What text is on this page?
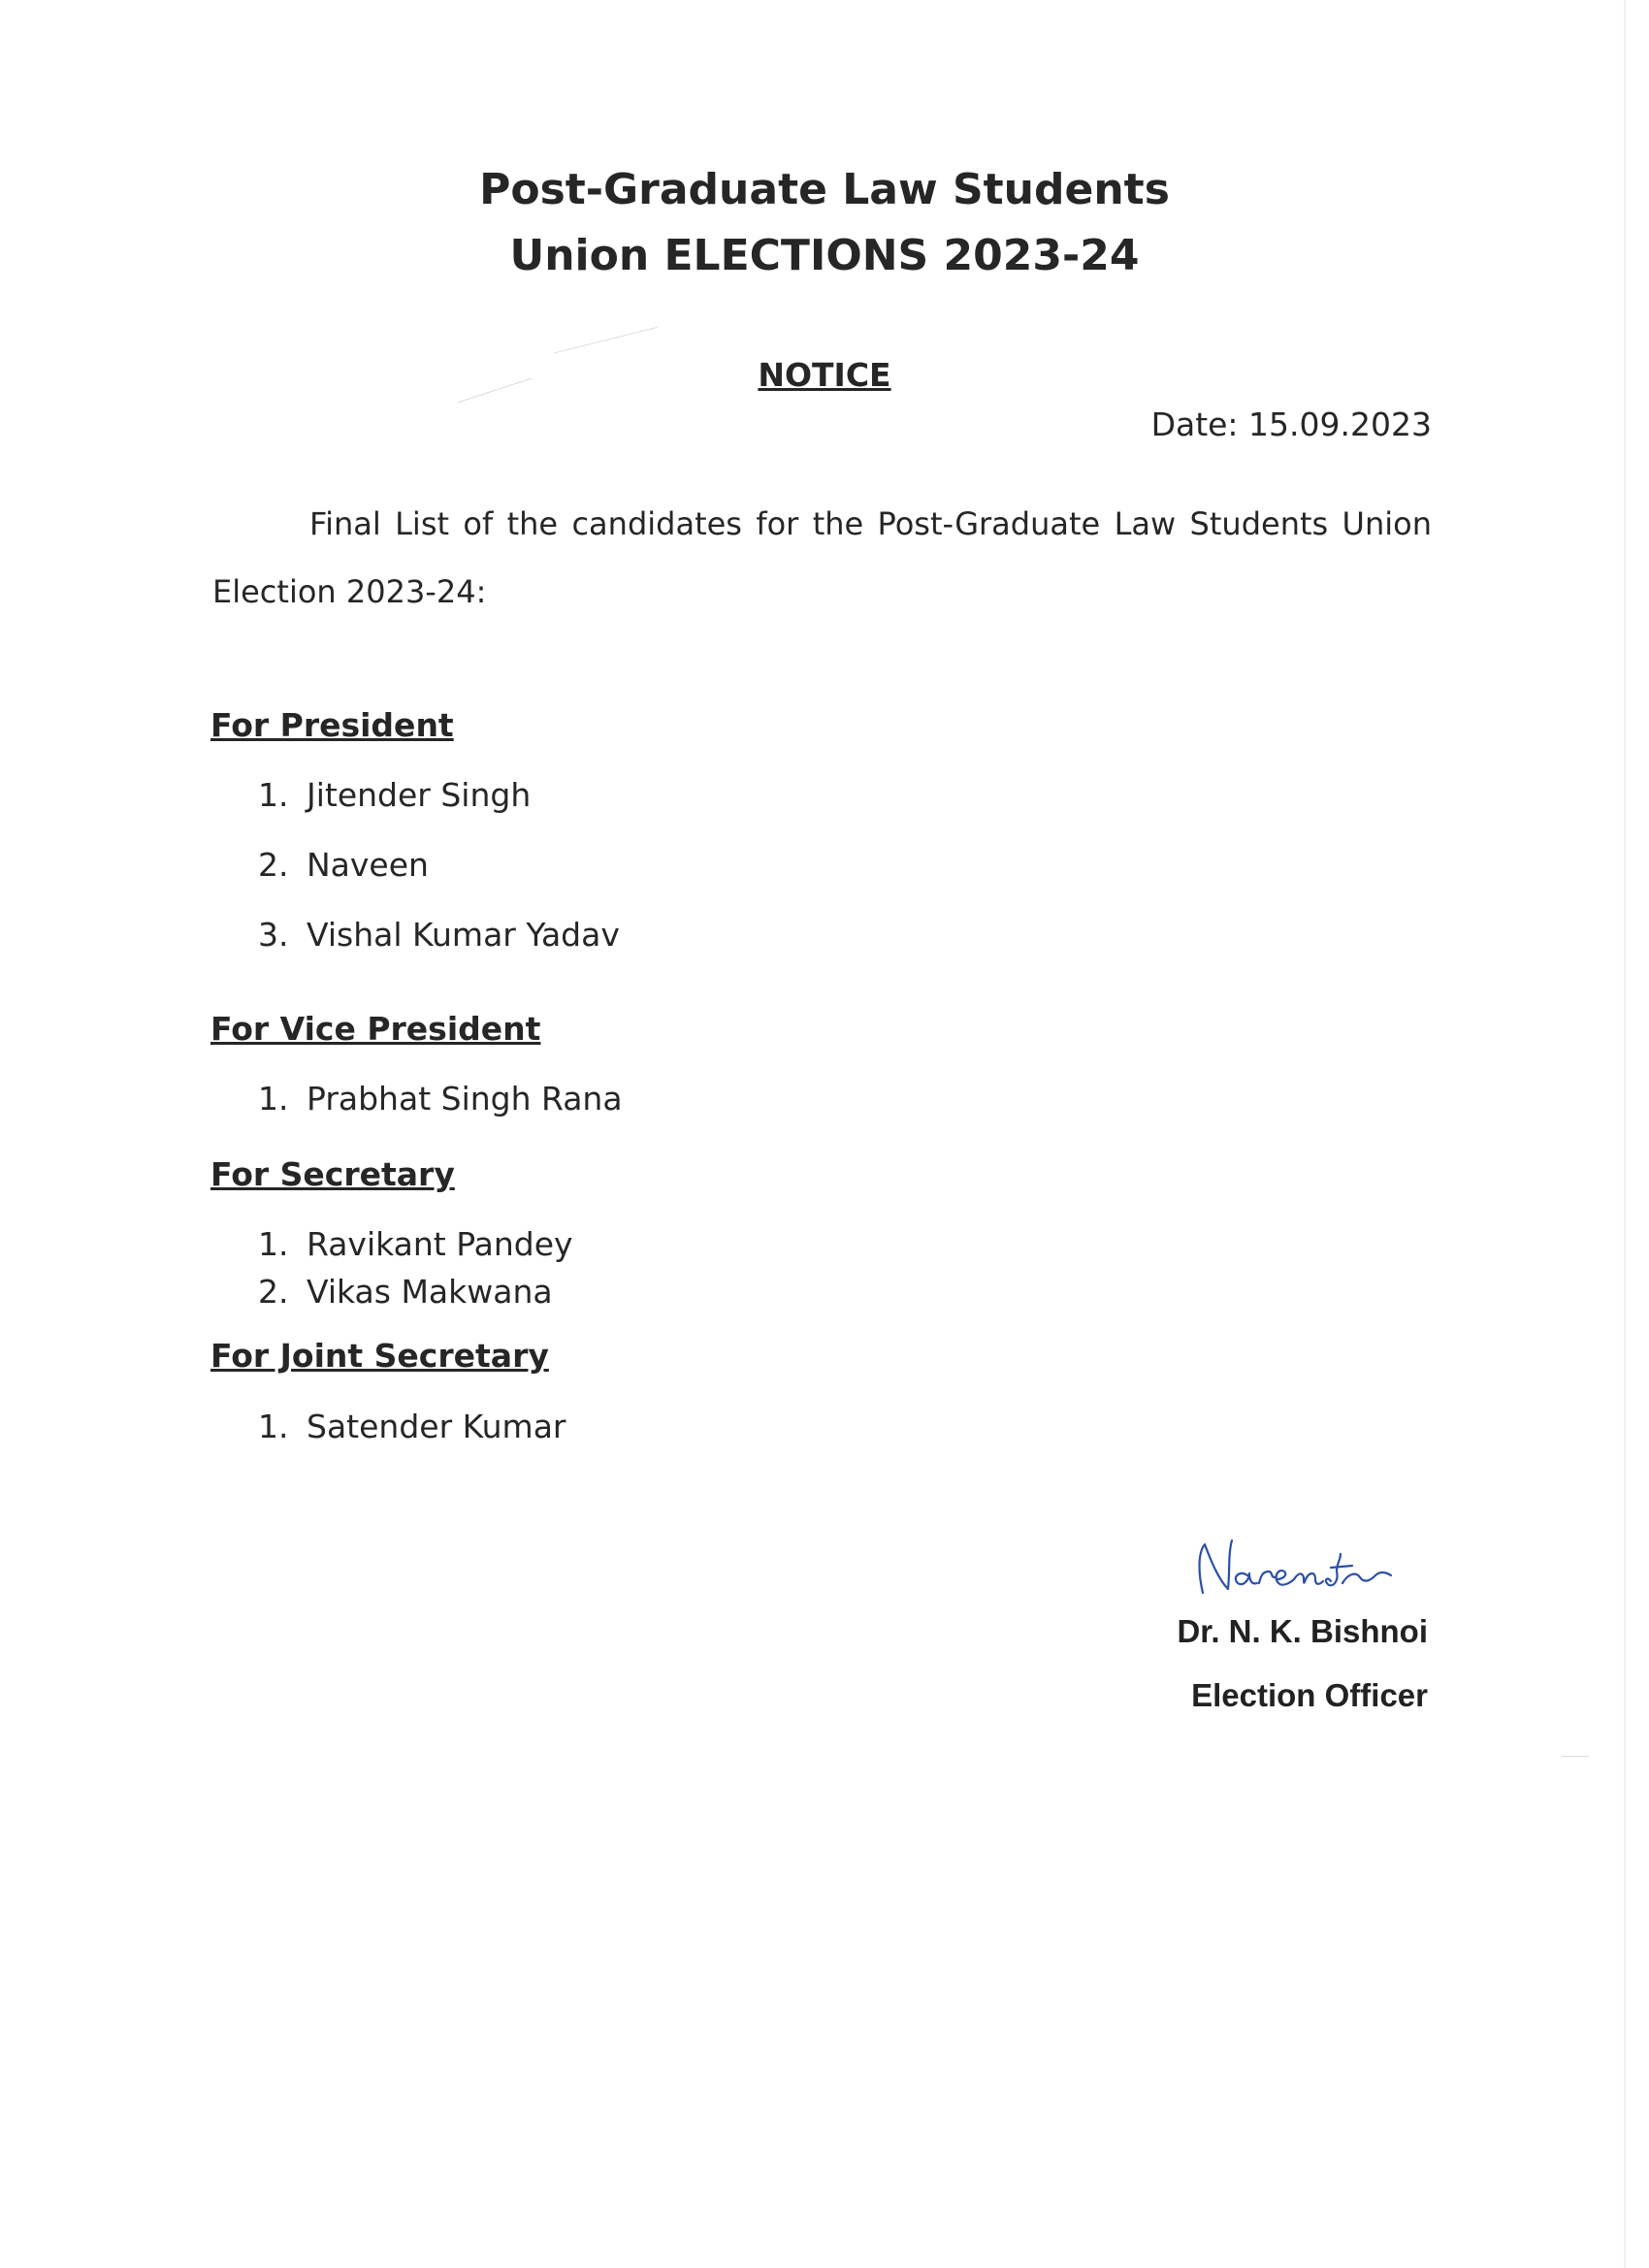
Post-Graduate Law Students
Union ELECTIONS 2023-24
NOTICE
Date: 15.09.2023
Final List of the candidates for the Post-Graduate Law Students Union Election 2023-24:
For President
1. Jitender Singh
2. Naveen
3. Vishal Kumar Yadav
For Vice President
1. Prabhat Singh Rana
For Secretary
1. Ravikant Pandey
2. Vikas Makwana
For Joint Secretary
1. Satender Kumar
Dr. N. K. Bishnoi
Election Officer
